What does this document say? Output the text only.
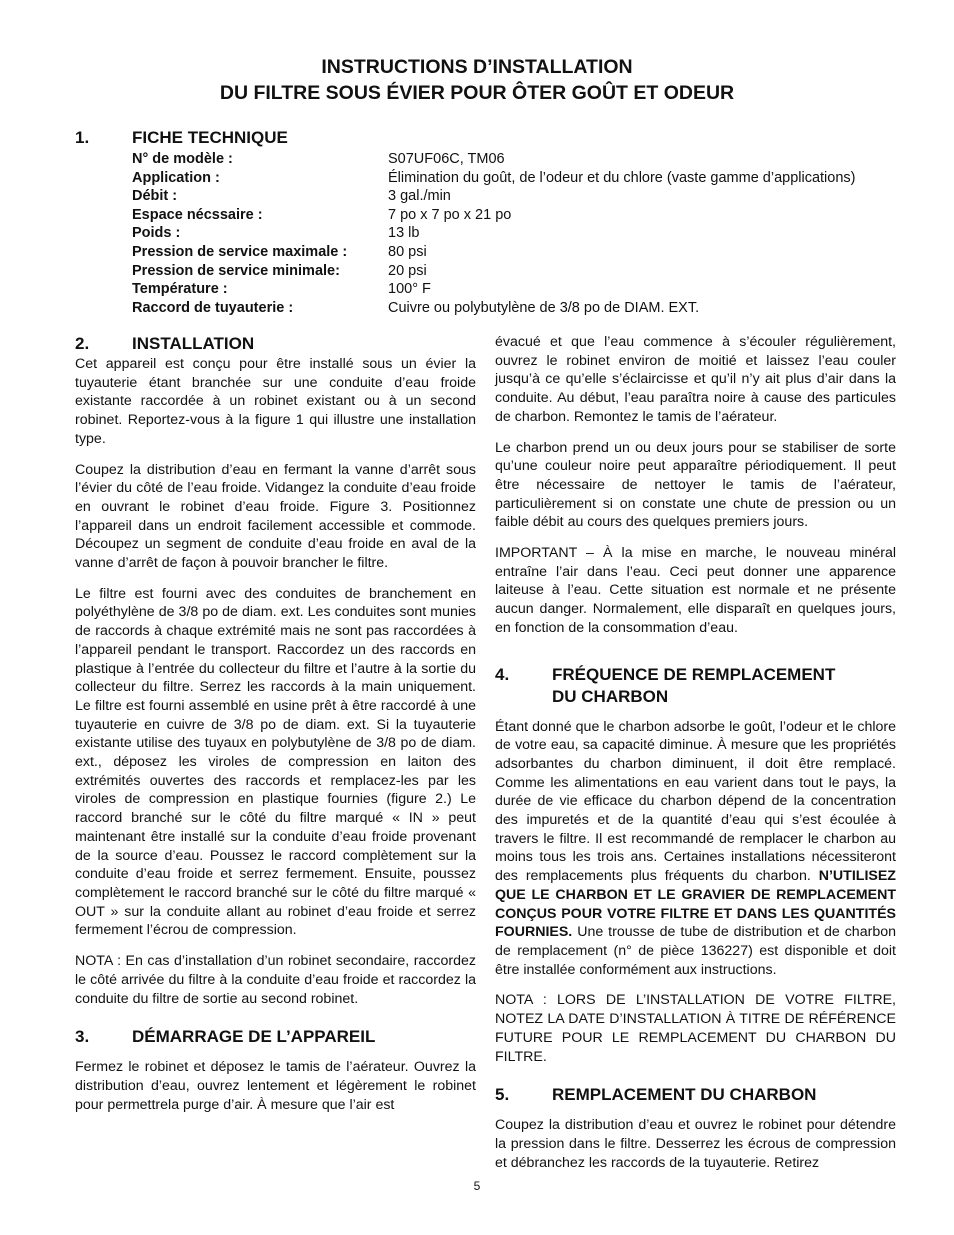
INSTRUCTIONS D’INSTALLATION
DU FILTRE SOUS ÉVIER POUR ÔTER GOÛT ET ODEUR
1.	FICHE TECHNIQUE
N° de modèle :	S07UF06C, TM06
Application :	Élimination du goût, de l’odeur et du chlore (vaste gamme d’applications)
Débit :	3 gal./min
Espace nécssaire :	7 po x 7 po x 21 po
Poids :	13 lb
Pression de service maximale :	80 psi
Pression de service minimale:	20 psi
Température :	100° F
Raccord de tuyauterie :	Cuivre ou polybutylène de 3/8 po de DIAM. EXT.
2.	INSTALLATION

Cet appareil est conçu pour être installé sous un évier la tuyauterie étant branchée sur une conduite d’eau froide existante raccordée à un robinet existant ou à un second robinet. Reportez-vous à la figure 1 qui illustre une installation type.

Coupez la distribution d’eau en fermant la vanne d’arrêt sous l’évier du côté de l’eau froide. Vidangez la conduite d’eau froide en ouvrant le robinet d’eau froide. Figure 3. Positionnez l’appareil dans un endroit facilement accessible et commode. Découpez un segment de conduite d’eau froide en aval de la vanne d’arrêt de façon à pouvoir brancher le filtre.

Le filtre est fourni avec des conduites de branchement en polyéthylène de 3/8 po de diam. ext. Les conduites sont munies de raccords à chaque extrémité mais ne sont pas raccordées à l’appareil pendant le transport. Raccordez un des raccords en plastique à l’entrée du collecteur du filtre et l’autre à la sortie du collecteur du filtre. Serrez les raccords à la main uniquement. Le filtre est fourni assemblé en usine prêt à être raccordé à une tuyauterie en cuivre de 3/8 po de diam. ext. Si la tuyauterie existante utilise des tuyaux en polybutylène de 3/8 po de diam. ext., déposez les viroles de compression en laiton des extrémités ouvertes des raccords et remplacez-les par les viroles de compression en plastique fournies (figure 2.) Le raccord branché sur le côté du filtre marqué « IN » peut maintenant être installé sur la conduite d’eau froide provenant de la source d’eau. Poussez le raccord complètement sur la conduite d’eau froide et serrez fermement. Ensuite, poussez complètement le raccord branché sur le côté du filtre marqué « OUT » sur la conduite allant au robinet d’eau froide et serrez fermement l’écrou de compression.

NOTA : En cas d’installation d’un robinet secondaire, raccordez le côté arrivée du filtre à la conduite d’eau froide et raccordez la conduite du filtre de sortie au second robinet.

3.	DÉMARRAGE DE L’APPAREIL

Fermez le robinet et déposez le tamis de l’aérateur. Ouvrez la distribution d’eau, ouvrez lentement et légèrement le robinet pour permettrela purge d’air. À mesure que l’air est

évacué et que l’eau commence à s’écouler régulièrement, ouvrez le robinet environ de moitié et laissez l’eau couler jusqu’à ce qu’elle s’éclaircisse et qu’il n’y ait plus d’air dans la conduite. Au début, l’eau paraîtra noire à cause des particules de charbon. Remontez le tamis de l’aérateur.

Le charbon prend un ou deux jours pour se stabiliser de sorte qu’une couleur noire peut apparaître périodiquement. Il peut être nécessaire de nettoyer le tamis de l’aérateur, particulièrement si on constate une chute de pression ou un faible débit au cours des quelques premiers jours.

IMPORTANT – À la mise en marche, le nouveau minéral entraîne l’air dans l’eau. Ceci peut donner une apparence laiteuse à l’eau. Cette situation est normale et ne présente aucun danger. Normalement, elle disparaît en quelques jours, en fonction de la consommation d’eau.

4.	FRÉQUENCE DE REMPLACEMENT
DU CHARBON

Étant donné que le charbon adsorbe le goût, l’odeur et le chlore de votre eau, sa capacité diminue. À mesure que les propriétés adsorbantes du charbon diminuent, il doit être remplacé. Comme les alimentations en eau varient dans tout le pays, la durée de vie efficace du charbon dépend de la concentration des impuretés et de la quantité d’eau qui s’est écoulée à travers le filtre. Il est recommandé de remplacer le charbon au moins tous les trois ans. Certaines installations nécessiteront des remplacements plus fréquents du charbon. N’UTILISEZ QUE LE CHARBON ET LE GRAVIER DE REMPLACEMENT CONÇUS POUR VOTRE FILTRE ET DANS LES QUANTITÉS FOURNIES. Une trousse de tube de distribution et de charbon de remplacement (n° de pièce 136227) est disponible et doit être installée conformément aux instructions.

NOTA : LORS DE L’INSTALLATION DE VOTRE FILTRE, NOTEZ LA DATE D’INSTALLATION À TITRE DE RÉFÉRENCE FUTURE POUR LE REMPLACEMENT DU CHARBON DU FILTRE.

5.	REMPLACEMENT DU CHARBON

Coupez la distribution d’eau et ouvrez le robinet pour détendre la pression dans le filtre. Desserrez les écrous de compression et débranchez les raccords de la tuyauterie. Retirez

5
